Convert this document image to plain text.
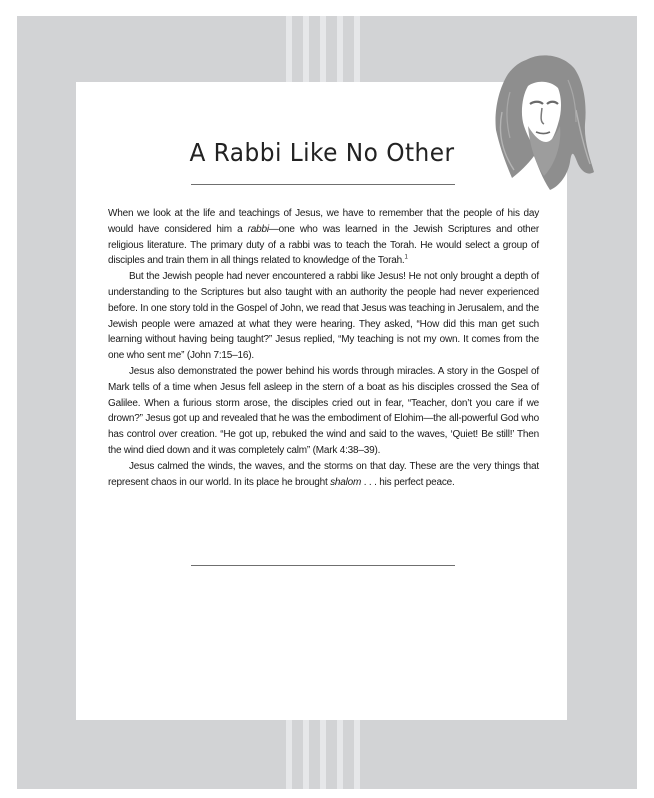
A Rabbi Like No Other

When we look at the life and teachings of Jesus, we have to remember that the people of his day would have considered him a rabbi—one who was learned in the Jewish Scriptures and other religious literature. The primary duty of a rabbi was to teach the Torah. He would select a group of disciples and train them in all things related to knowledge of the Torah.$^1$

But the Jewish people had never encountered a rabbi like Jesus! He not only brought a depth of understanding to the Scriptures but also taught with an authority the people had never experienced before. In one story told in the Gospel of John, we read that Jesus was teaching in Jerusalem, and the Jewish people were amazed at what they were hearing. They asked, “How did this man get such learning without having being taught?” Jesus replied, “My teaching is not my own. It comes from the one who sent me” (John 7:15–16).

Jesus also demonstrated the power behind his words through miracles. A story in the Gospel of Mark tells of a time when Jesus fell asleep in the stern of a boat as his disciples crossed the Sea of Galilee. When a furious storm arose, the disciples cried out in fear, “Teacher, don’t you care if we drown?” Jesus got up and revealed that he was the embodiment of Elohim—the all-powerful God who has control over creation. “He got up, rebuked the wind and said to the waves, ‘Quiet! Be still!’ Then the wind died down and it was completely calm” (Mark 4:38–39).

Jesus calmed the winds, the waves, and the storms on that day. These are the very things that represent chaos in our world. In its place he brought shalom . . . his perfect peace.
